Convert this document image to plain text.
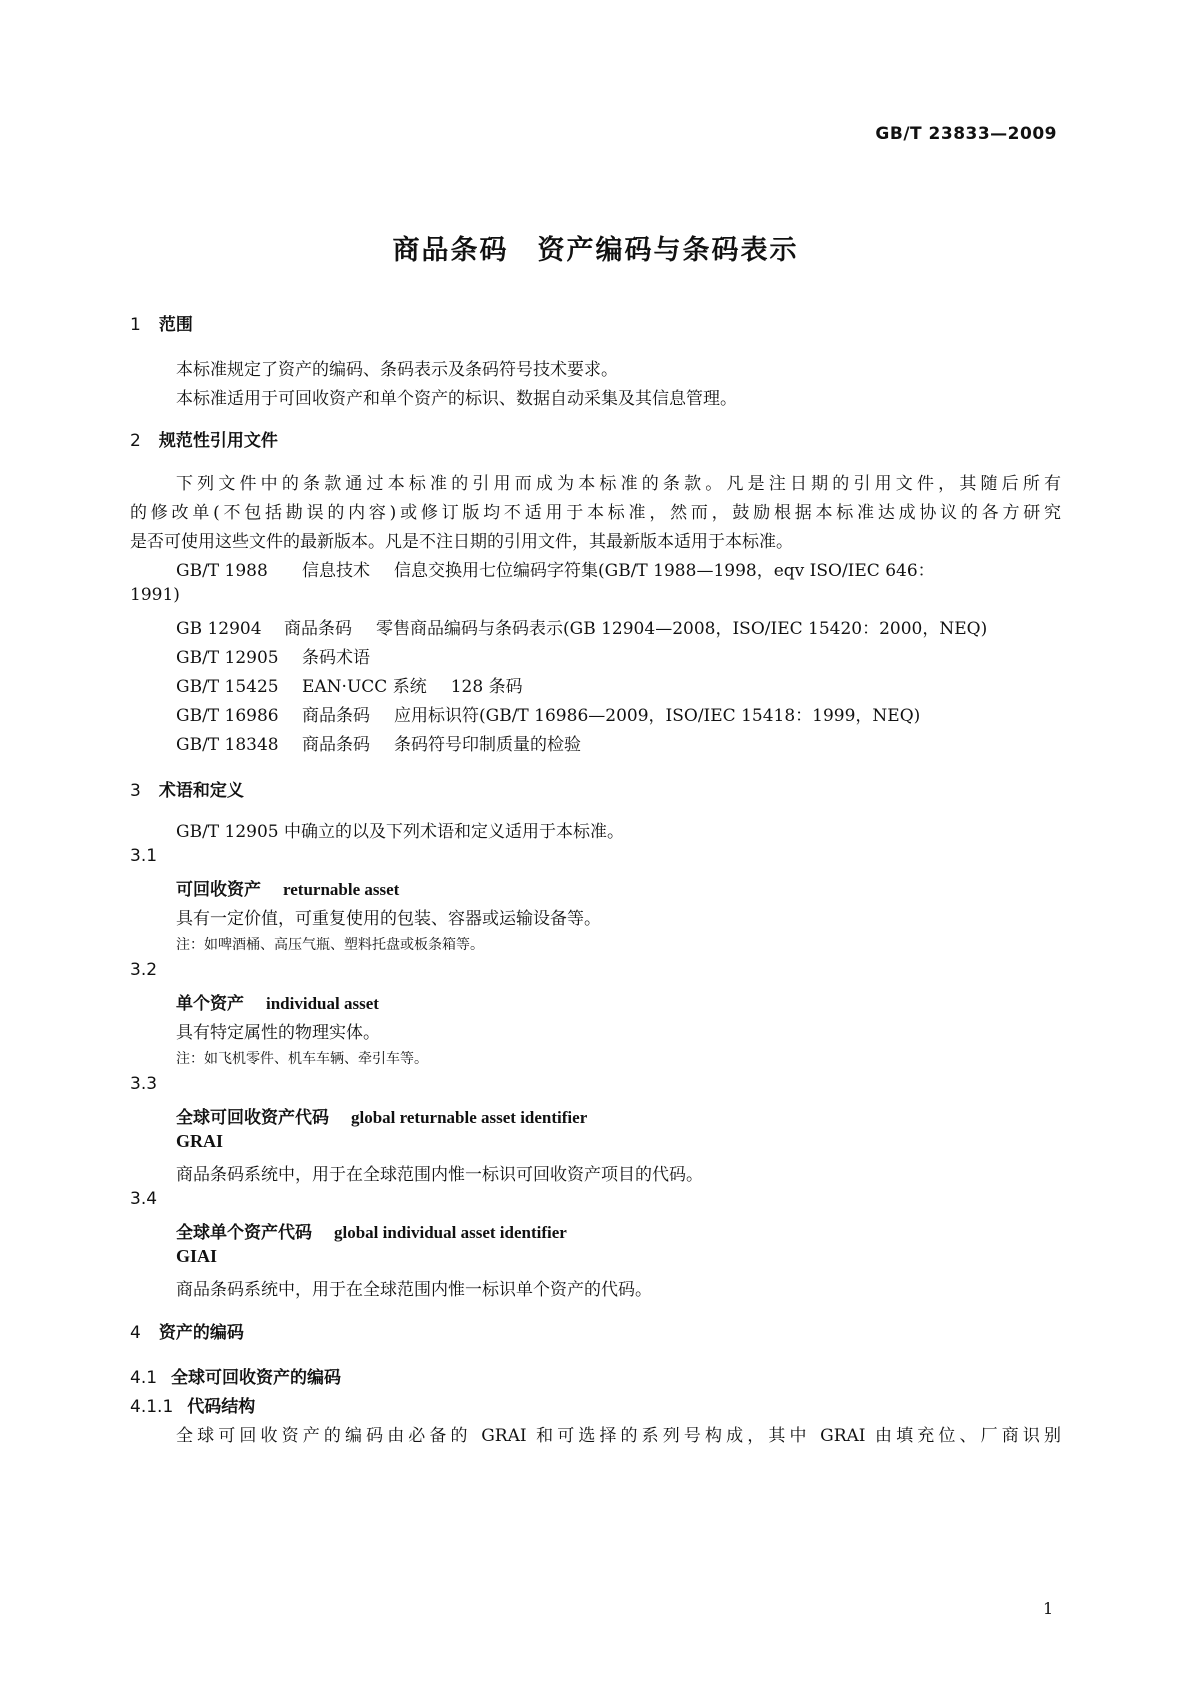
GB/T 23833—2009
商品条码　资产编码与条码表示
1 范围
本标准规定了资产的编码、条码表示及条码符号技术要求。
本标准适用于可回收资产和单个资产的标识、数据自动采集及其信息管理。
2 规范性引用文件
下列文件中的条款通过本标准的引用而成为本标准的条款。凡是注日期的引用文件，其随后所有
的修改单(不包括勘误的内容)或修订版均不适用于本标准，然而，鼓励根据本标准达成协议的各方研究
是否可使用这些文件的最新版本。凡是不注日期的引用文件，其最新版本适用于本标准。
GB/T 1988 信息技术 信息交换用七位编码字符集(GB/T 1988—1998，eqv ISO/IEC 646：
1991)
GB 12904 商品条码 零售商品编码与条码表示(GB 12904—2008，ISO/IEC 15420：2000，NEQ)
GB/T 12905 条码术语
GB/T 15425 EAN·UCC 系统 128 条码
GB/T 16986 商品条码 应用标识符(GB/T 16986—2009，ISO/IEC 15418：1999，NEQ)
GB/T 18348 商品条码 条码符号印制质量的检验
3 术语和定义
GB/T 12905 中确立的以及下列术语和定义适用于本标准。
3.1
可回收资产 returnable asset
具有一定价值，可重复使用的包装、容器或运输设备等。
注：如啤酒桶、高压气瓶、塑料托盘或板条箱等。
3.2
单个资产 individual asset
具有特定属性的物理实体。
注：如飞机零件、机车车辆、牵引车等。
3.3
全球可回收资产代码 global returnable asset identifier
GRAI
商品条码系统中，用于在全球范围内惟一标识可回收资产项目的代码。
3.4
全球单个资产代码 global individual asset identifier
GIAI
商品条码系统中，用于在全球范围内惟一标识单个资产的代码。
4 资产的编码
4.1 全球可回收资产的编码
4.1.1 代码结构
全球可回收资产的编码由必备的 GRAI 和可选择的系列号构成，其中 GRAI 由填充位、厂商识别
1
